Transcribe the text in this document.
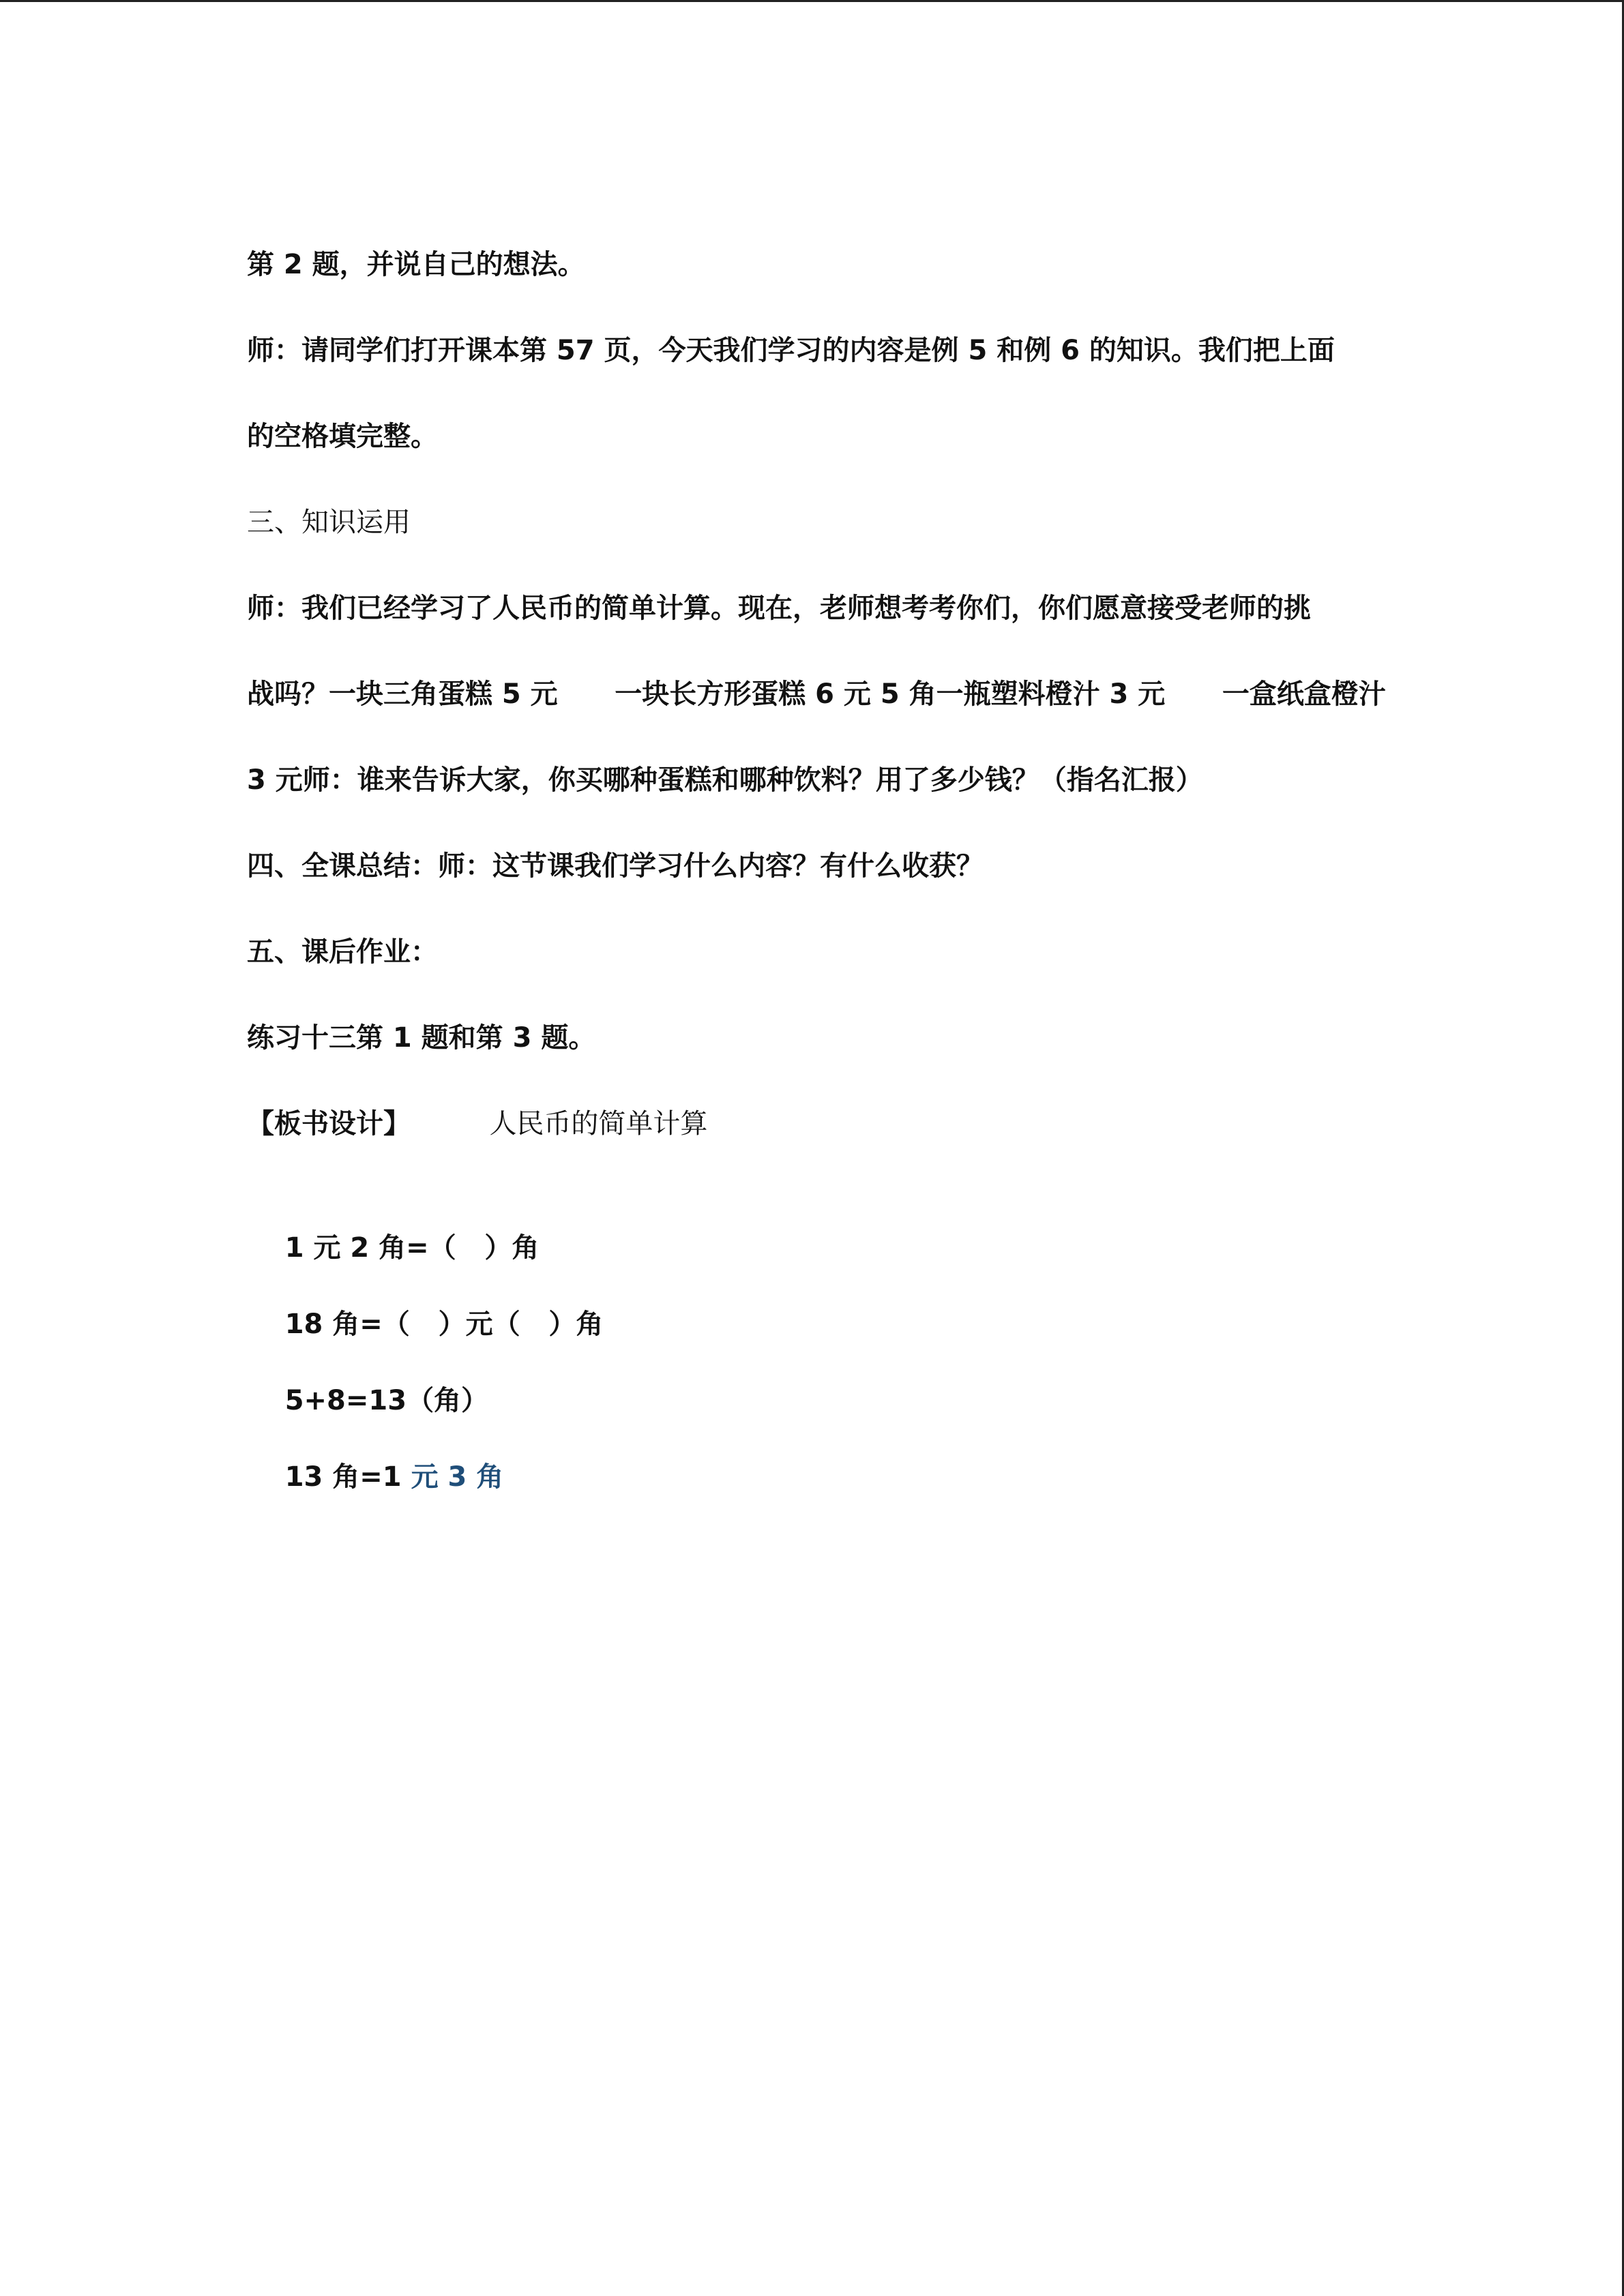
第 2 题，并说自己的想法。
师：请同学们打开课本第 57 页，今天我们学习的内容是例 5 和例 6 的知识。我们把上面
的空格填完整。
三、知识运用
师：我们已经学习了人民币的简单计算。现在，老师想考考你们，你们愿意接受老师的挑
战吗？一块三角蛋糕 5 元      一块长方形蛋糕 6 元 5 角一瓶塑料橙汁 3 元      一盒纸盒橙汁
3 元师：谁来告诉大家，你买哪种蛋糕和哪种饮料？用了多少钱？（指名汇报）
四、全课总结：师：这节课我们学习什么内容？有什么收获？
五、课后作业：
练习十三第 1 题和第 3 题。
【板书设计】	人民币的简单计算

1 元 2 角=（   ）角

18 角=（   ）元（   ）角

5+8=13（角）

13 角=1 元 3 角
